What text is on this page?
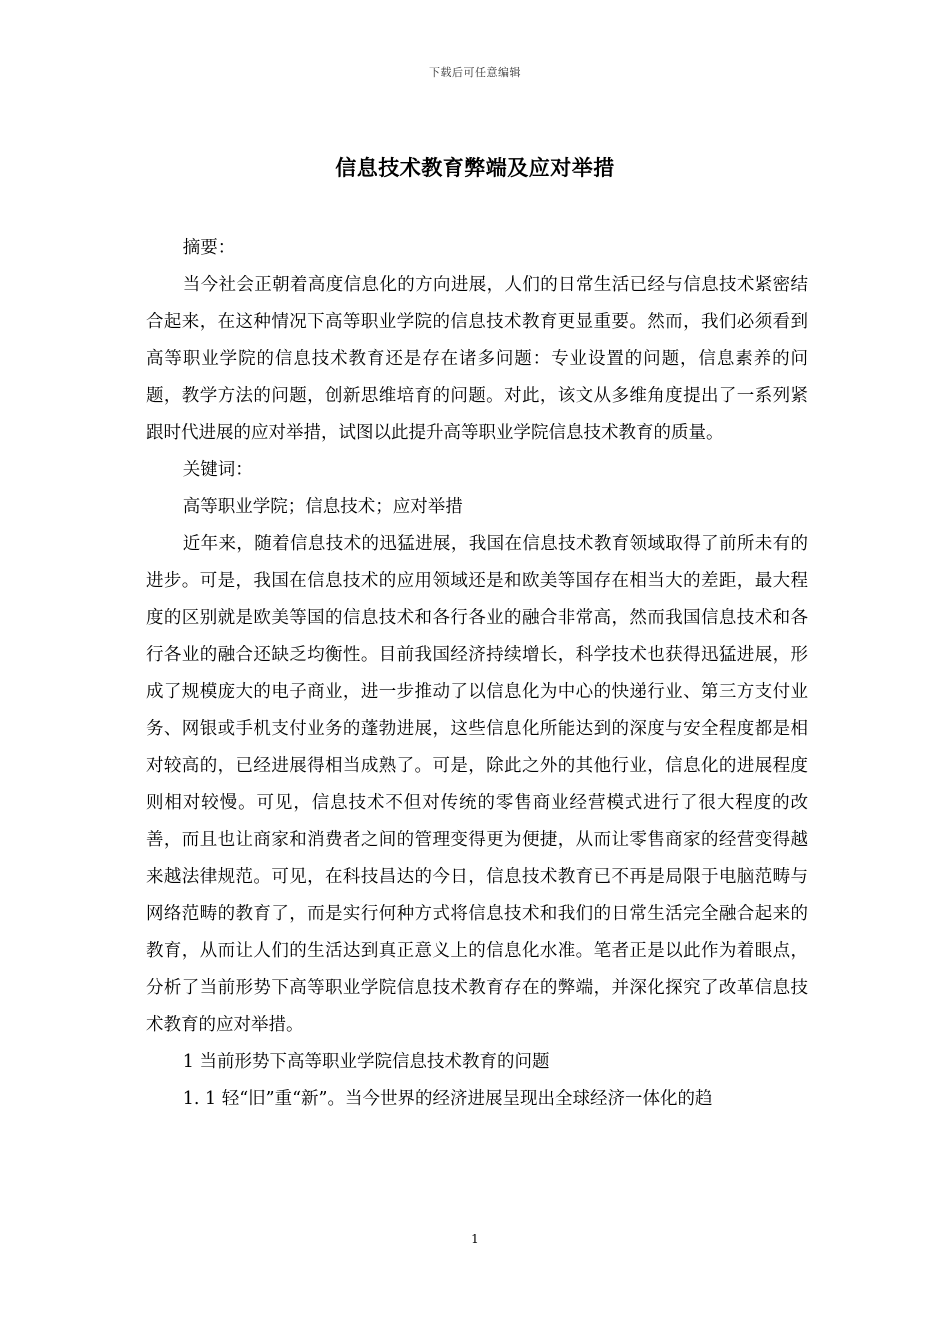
下载后可任意编辑
信息技术教育弊端及应对举措

摘要：

当今社会正朝着高度信息化的方向进展，人们的日常生活已经与信息技术紧密结合起来，在这种情况下高等职业学院的信息技术教育更显重要。然而，我们必须看到高等职业学院的信息技术教育还是存在诸多问题：专业设置的问题，信息素养的问题，教学方法的问题，创新思维培育的问题。对此，该文从多维角度提出了一系列紧跟时代进展的应对举措，试图以此提升高等职业学院信息技术教育的质量。

关键词：

高等职业学院；信息技术；应对举措

近年来，随着信息技术的迅猛进展，我国在信息技术教育领域取得了前所未有的进步。可是，我国在信息技术的应用领域还是和欧美等国存在相当大的差距，最大程度的区别就是欧美等国的信息技术和各行各业的融合非常高，然而我国信息技术和各行各业的融合还缺乏均衡性。目前我国经济持续增长，科学技术也获得迅猛进展，形成了规模庞大的电子商业，进一步推动了以信息化为中心的快递行业、第三方支付业务、网银或手机支付业务的蓬勃进展，这些信息化所能达到的深度与安全程度都是相对较高的，已经进展得相当成熟了。可是，除此之外的其他行业，信息化的进展程度则相对较慢。可见，信息技术不但对传统的零售商业经营模式进行了很大程度的改善，而且也让商家和消费者之间的管理变得更为便捷，从而让零售商家的经营变得越来越法律规范。可见，在科技昌达的今日，信息技术教育已不再是局限于电脑范畴与网络范畴的教育了，而是实行何种方式将信息技术和我们的日常生活完全融合起来的教育，从而让人们的生活达到真正意义上的信息化水准。笔者正是以此作为着眼点，分析了当前形势下高等职业学院信息技术教育存在的弊端，并深化探究了改革信息技术教育的应对举措。

1 当前形势下高等职业学院信息技术教育的问题

1. 1 轻“旧”重“新”。当今世界的经济进展呈现出全球经济一体化的趋

1
